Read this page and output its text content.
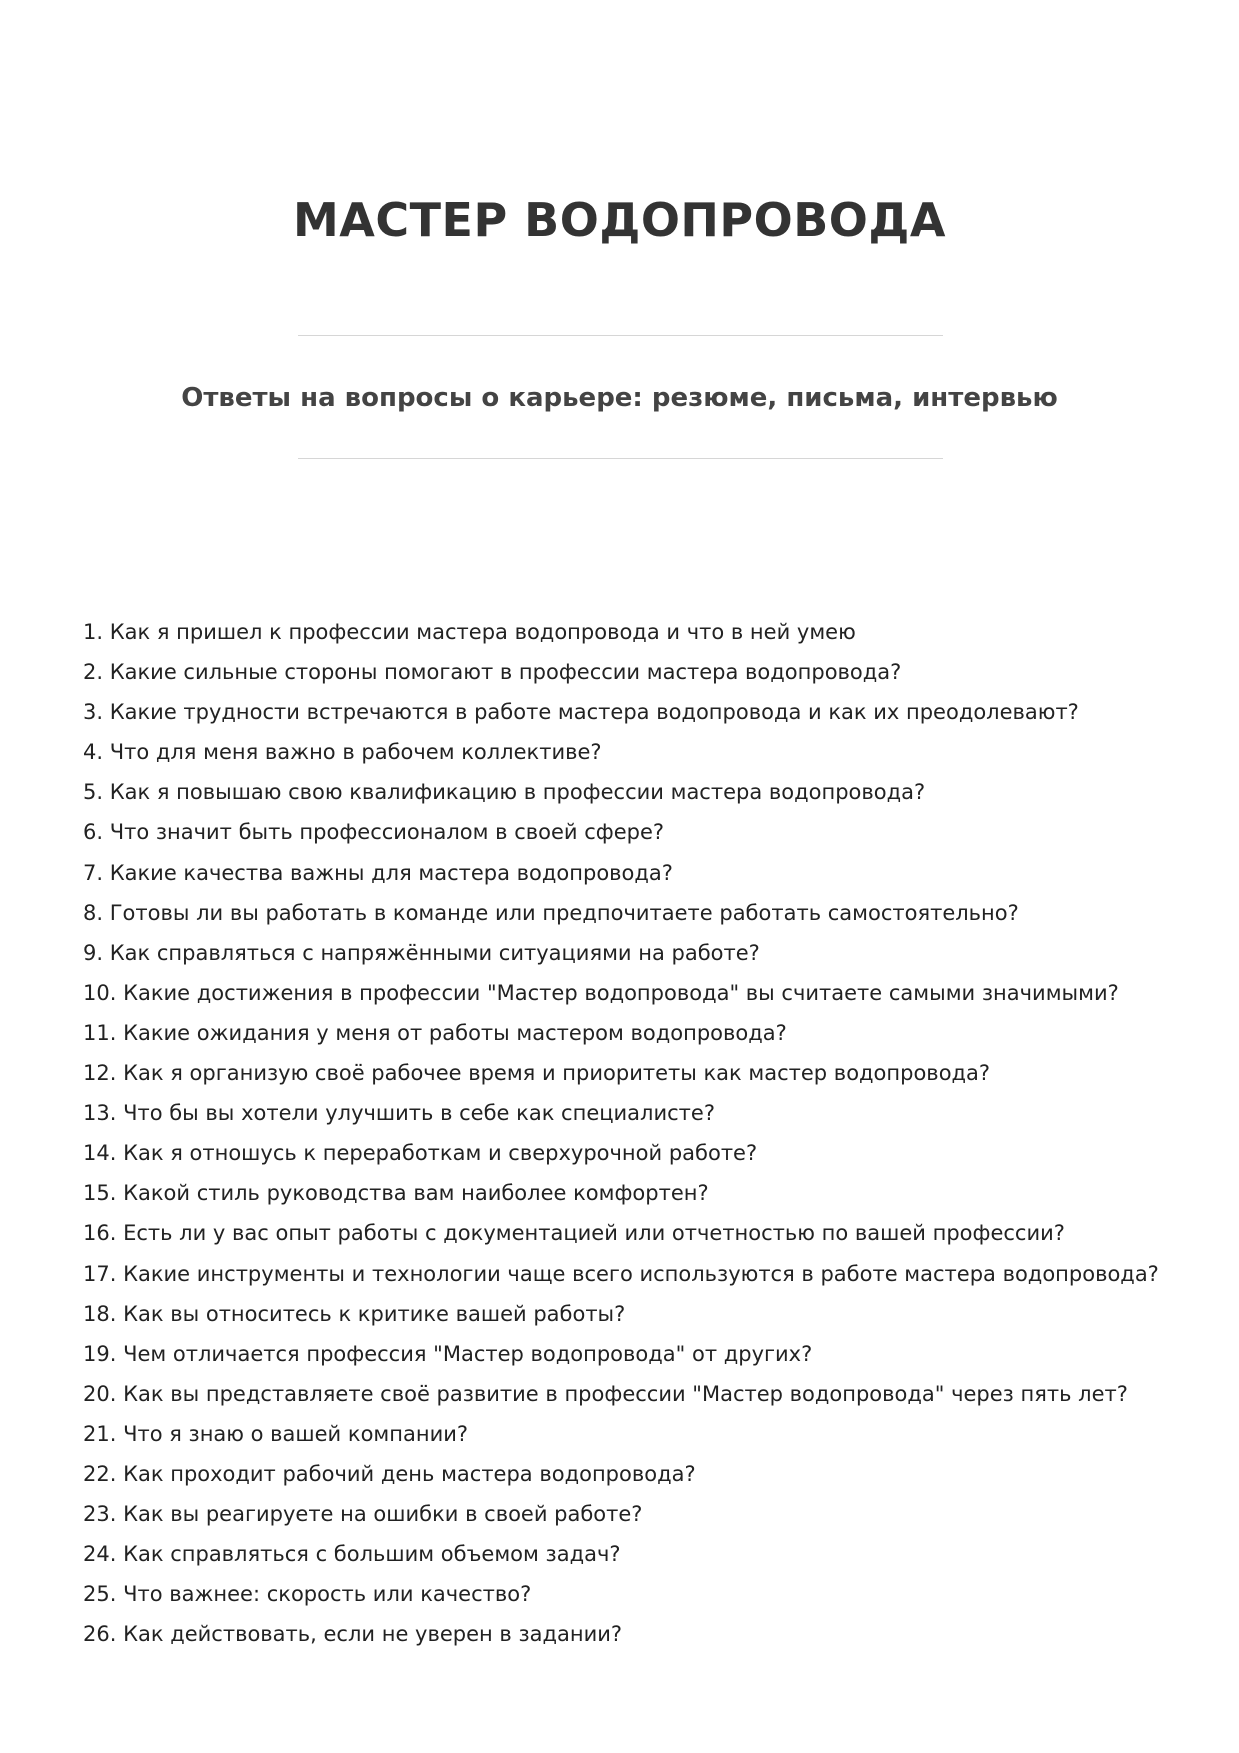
МАСТЕР ВОДОПРОВОДА
Ответы на вопросы о карьере: резюме, письма, интервью
1. Как я пришел к профессии мастера водопровода и что в ней умею
2. Какие сильные стороны помогают в профессии мастера водопровода?
3. Какие трудности встречаются в работе мастера водопровода и как их преодолевают?
4. Что для меня важно в рабочем коллективе?
5. Как я повышаю свою квалификацию в профессии мастера водопровода?
6. Что значит быть профессионалом в своей сфере?
7. Какие качества важны для мастера водопровода?
8. Готовы ли вы работать в команде или предпочитаете работать самостоятельно?
9. Как справляться с напряжёнными ситуациями на работе?
10. Какие достижения в профессии "Мастер водопровода" вы считаете самыми значимыми?
11. Какие ожидания у меня от работы мастером водопровода?
12. Как я организую своё рабочее время и приоритеты как мастер водопровода?
13. Что бы вы хотели улучшить в себе как специалисте?
14. Как я отношусь к переработкам и сверхурочной работе?
15. Какой стиль руководства вам наиболее комфортен?
16. Есть ли у вас опыт работы с документацией или отчетностью по вашей профессии?
17. Какие инструменты и технологии чаще всего используются в работе мастера водопровода?
18. Как вы относитесь к критике вашей работы?
19. Чем отличается профессия "Мастер водопровода" от других?
20. Как вы представляете своё развитие в профессии "Мастер водопровода" через пять лет?
21. Что я знаю о вашей компании?
22. Как проходит рабочий день мастера водопровода?
23. Как вы реагируете на ошибки в своей работе?
24. Как справляться с большим объемом задач?
25. Что важнее: скорость или качество?
26. Как действовать, если не уверен в задании?
